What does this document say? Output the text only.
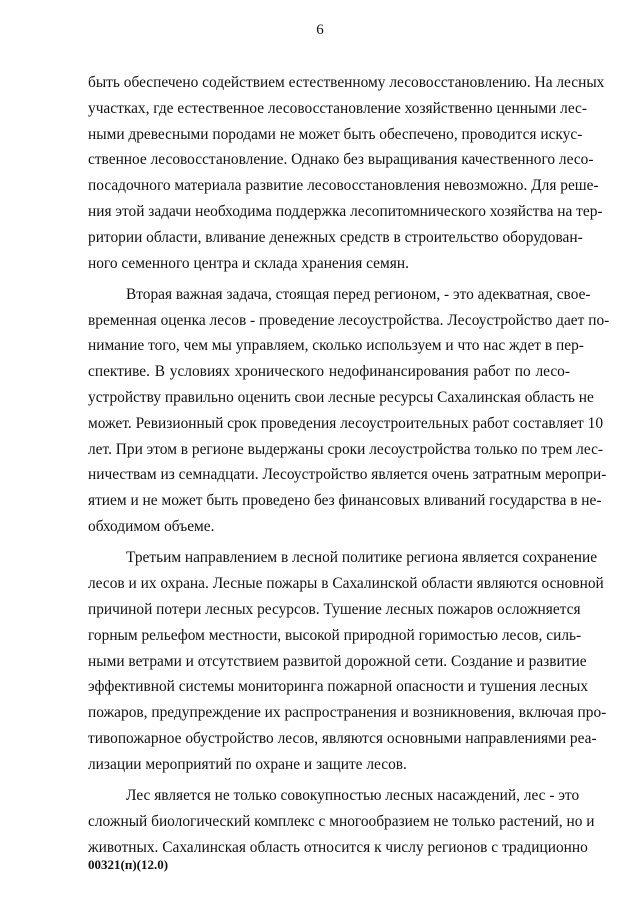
6
быть обеспечено содействием естественному лесовосстановлению. На лесных
участках, где естественное лесовосстановление хозяйственно ценными лес-
ными древесными породами не может быть обеспечено, проводится искус-
ственное лесовосстановление. Однако без выращивания качественного лесо-
посадочного материала развитие лесовосстановления невозможно. Для реше-
ния этой задачи необходима поддержка лесопитомнического хозяйства на тер-
ритории области, вливание денежных средств в строительство оборудован-
ного семенного центра и склада хранения семян.
Вторая важная задача, стоящая перед регионом, - это адекватная, свое-
временная оценка лесов - проведение лесоустройства. Лесоустройство дает по-
нимание того, чем мы управляем, сколько используем и что нас ждет в пер-
спективе. В условиях хронического недофинансирования работ по лесо-
устройству правильно оценить свои лесные ресурсы Сахалинская область не
может. Ревизионный срок проведения лесоустроительных работ составляет 10
лет. При этом в регионе выдержаны сроки лесоустройства только по трем лес-
ничествам из семнадцати. Лесоустройство является очень затратным меропри-
ятием и не может быть проведено без финансовых вливаний государства в не-
обходимом объеме.
Третьим направлением в лесной политике региона является сохранение
лесов и их охрана. Лесные пожары в Сахалинской области являются основной
причиной потери лесных ресурсов. Тушение лесных пожаров осложняется
горным рельефом местности, высокой природной горимостью лесов, силь-
ными ветрами и отсутствием развитой дорожной сети. Создание и развитие
эффективной системы мониторинга пожарной опасности и тушения лесных
пожаров, предупреждение их распространения и возникновения, включая про-
тивопожарное обустройство лесов, являются основными направлениями реа-
лизации мероприятий по охране и защите лесов.
Лес является не только совокупностью лесных насаждений, лес - это
сложный биологический комплекс с многообразием не только растений, но и
животных. Сахалинская область относится к числу регионов с традиционно
00321(п)(12.0)
